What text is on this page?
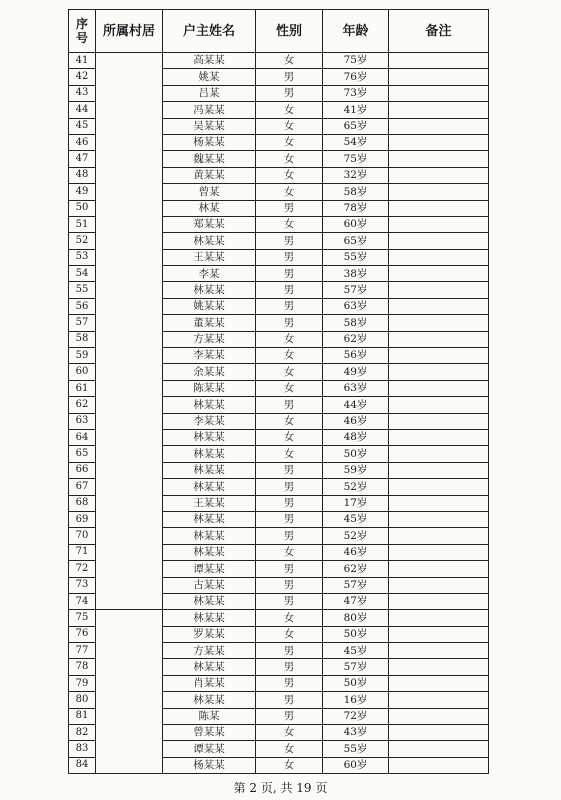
序号	所属村居	户主姓名	性别	年龄	备注
41		高某某	女	75岁	
42		姚某	男	76岁	
43		吕某	男	73岁	
44		冯某某	女	41岁	
45		吴某某	女	65岁	
46		杨某某	女	54岁	
47		魏某某	女	75岁	
48		黄某某	女	32岁	
49		曾某	女	58岁	
50		林某	男	78岁	
51		郑某某	女	60岁	
52		林某某	男	65岁	
53		王某某	男	55岁	
54		李某	男	38岁	
55		林某某	男	57岁	
56		姚某某	男	63岁	
57		董某某	男	58岁	
58		方某某	女	62岁	
59		李某某	女	56岁	
60		余某某	女	49岁	
61		陈某某	女	63岁	
62		林某某	男	44岁	
63		李某某	女	46岁	
64		林某某	女	48岁	
65		林某某	女	50岁	
66		林某某	男	59岁	
67		林某某	男	52岁	
68		王某某	男	17岁	
69		林某某	男	45岁	
70		林某某	男	52岁	
71		林某某	女	46岁	
72		谭某某	男	62岁	
73		古某某	男	57岁	
74		林某某	男	47岁	
75		林某某	女	80岁	
76		罗某某	女	50岁	
77		方某某	男	45岁	
78		林某某	男	57岁	
79		肖某某	男	50岁	
80		林某某	男	16岁	
81		陈某	男	72岁	
82		曾某某	女	43岁	
83		谭某某	女	55岁	
84		杨某某	女	60岁	
第 2 页, 共 19 页
